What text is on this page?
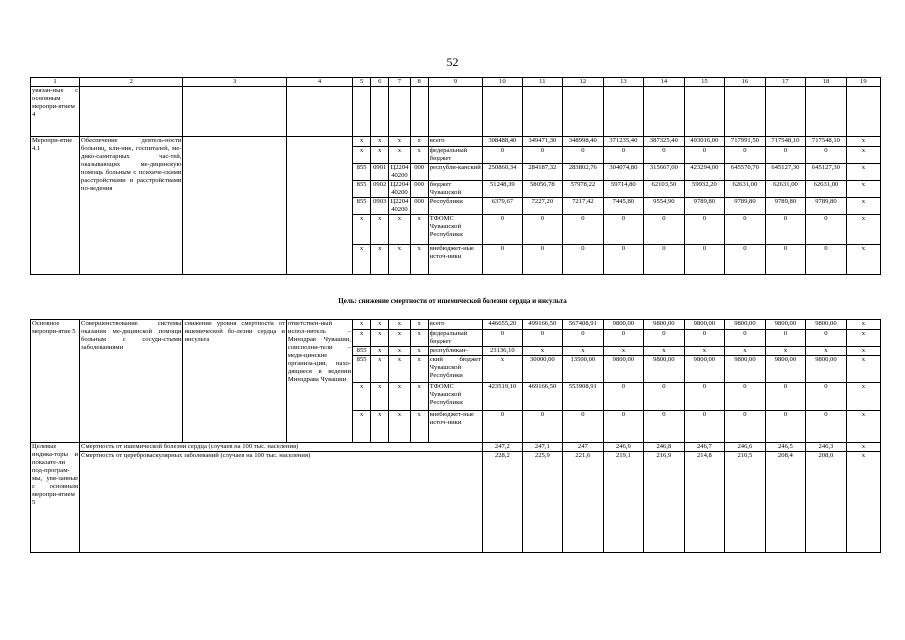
52
1	2	3	4	5	6	7	8	9	10	11	12	13	14	15	16	17	18	19
увязан-ные с основным меропри-ятием 4																		
Меропри-ятие 4.1	Обеспечение деятель-ности больниц, кли-ник, госпиталей, ме-дико-санитарных час-тей, оказывающих ме-дицинскую помощь больным с психиче-скими расстройствами и расстройствами по-ведения			x	x	x	x	всего	308488,40	349471,30	348998,40	371235,40	387325,40	493016,00	717991,50	717548,10	717548,10	x
				x	x	x	x	федеральный бюджет	0	0	0	0	0	0	0	0	0	x
				855	0901	Ц2204 40200	000	республи-канский	250860,34	284187,32	283802,76	304074,80	315667,00	423294,00	645570,70	645127,30	645127,30	x
				855	0902	Ц2204 40200	000	бюджет Чувашской	51248,39	58056,78	57978,22	59714,80	62103,50	59932,20	62631,00	62631,00	62631,00	x
				855	0903	Ц2204 40200	000	Республики	6379,67	7227,20	7217,42	7445,80	9554,90	9789,80	9789,80	9789,80	9789,80	x
				x	x	x	x	ТФОМС Чувашской Республики	0	0	0	0	0	0	0	0	0	x
				x	x	x	x	внебюджет-ные источ-ники	0	0	0	0	0	0	0	0	0	x
Цель: снижение смертности от ишемической болезни сердца и инсульта
Основное меропри-ятие 5	Совершенствование системы оказания ме-дицинской помощи больным с сосуди-стыми заболеваниями	снижение уровня смертности от ишемической бо-лезни сердца и инсульта	ответствен-ный испол-нитель – Минздрав Чувашии, соисполни-тели – меди-цинские организа-ции, нахо-дящиеся в ведении Минздрава Чувашии	x	x	x	x	всего	446655,20	499166,50	567408,91	9800,00	9800,00	9800,00	9800,00	9800,00	9800,00	x
				x	x	x	x	федеральный бюджет	0	0	0	0	0	0	0	0	0	x
				855	x	x	x	республикан-	23136,10	x	x	x	x	x	x	x	x	x
				855	x	x	x	ский бюджет Чувашской Республики	x	30000,00	13500,00	9800,00	9800,00	9800,00	9800,00	9800,00	9800,00	x
				x	x	x	x	ТФОМС Чувашской Республики	423519,10	469166,50	553908,91	0	0	0	0	0	0	x
				x	x	x	x	внебюджет-ные источ-ники	0	0	0	0	0	0	0	0	0	x
Целевые индика-торы и показате-ли под-програм-мы, увя-занные с основным меропри-ятием 5	Смертность от ишемической болезни сердца (случаев на 100 тыс. населения)								247,2	247,1	247	246,9	246,8	246,7	246,6	246,5	246,3	x
	Смертность от цереброваскулярных заболеваний (случаев на 100 тыс. населения)								228,2	225,9	221,6	219,1	216,9	214,8	210,5	208,4	208,0	x
